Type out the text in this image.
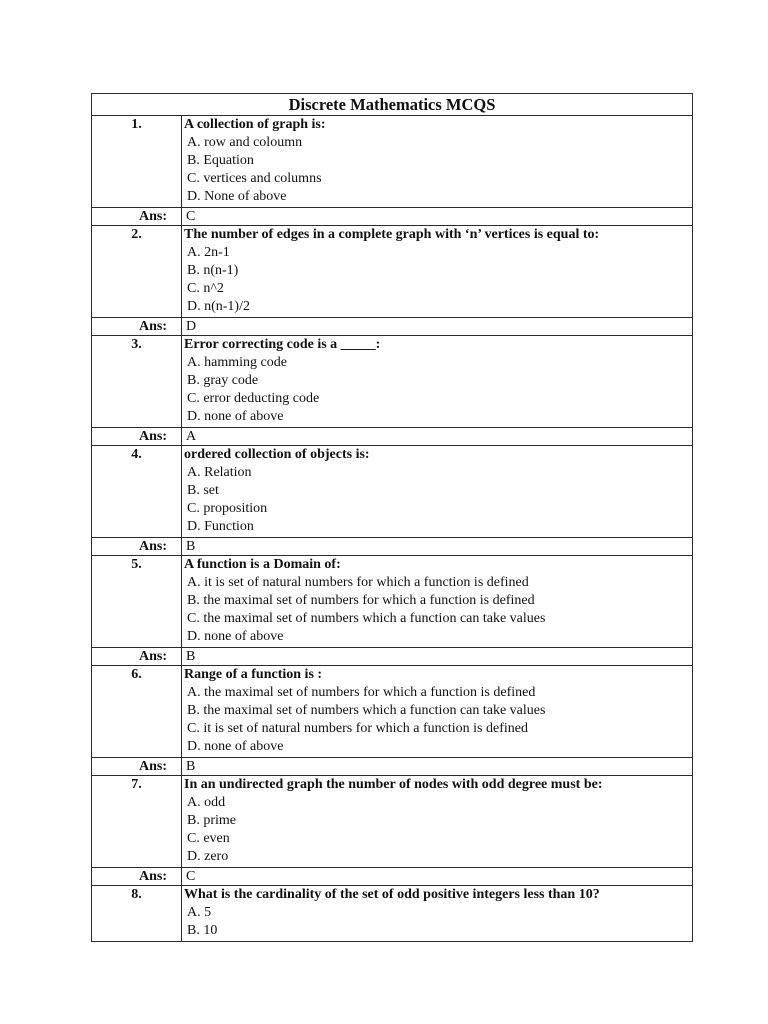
Discrete Mathematics MCQS	
1.	A collection of graph is:
A. row and coloumn
B. Equation
C. vertices and columns
D. None of above

Ans:	C

2.	The number of edges in a complete graph with ‘n’ vertices is equal to:
A. 2n-1
B. n(n-1)
C. n^2
D. n(n-1)/2

Ans:	D
3.	Error correcting code is a _____:
A. hamming code
B. gray code
C. error deducting code
D. none of above

Ans:	A
4.	ordered collection of objects is:
A. Relation
B. set
C. proposition
D. Function

Ans:	B
5.	A function is a Domain of:
A. it is set of natural numbers for which a function is defined
B. the maximal set of numbers for which a function is defined
C. the maximal set of numbers which a function can take values
D. none of above

Ans:	B
6.	Range of a function is :
A. the maximal set of numbers for which a function is defined
B. the maximal set of numbers which a function can take values
C. it is set of natural numbers for which a function is defined
D. none of above

Ans:	B
7.	In an undirected graph the number of nodes with odd degree must be:
A. odd
B. prime
C. even
D. zero

Ans:	C
8.	What is the cardinality of the set of odd positive integers less than 10?
A. 5
B. 10
